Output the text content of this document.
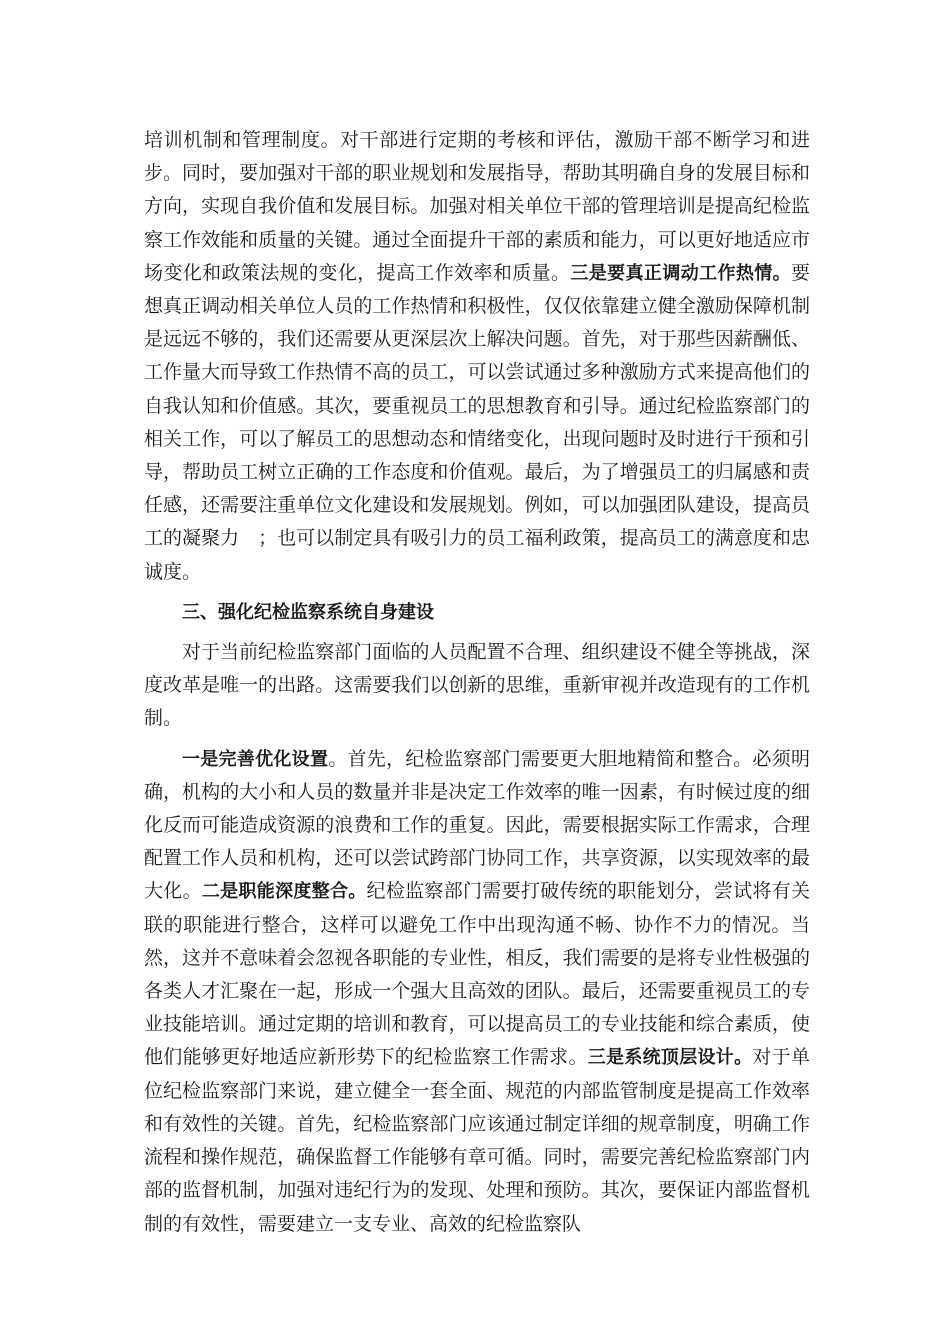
培训机制和管理制度。对干部进行定期的考核和评估，激励干部不断学习和进步。同时，要加强对干部的职业规划和发展指导，帮助其明确自身的发展目标和方向，实现自我价值和发展目标。加强对相关单位干部的管理培训是提高纪检监察工作效能和质量的关键。通过全面提升干部的素质和能力，可以更好地适应市场变化和政策法规的变化，提高工作效率和质量。三是要真正调动工作热情。要想真正调动相关单位人员的工作热情和积极性，仅仅依靠建立健全激励保障机制是远远不够的，我们还需要从更深层次上解决问题。首先，对于那些因薪酬低、工作量大而导致工作热情不高的员工，可以尝试通过多种激励方式来提高他们的自我认知和价值感。其次，要重视员工的思想教育和引导。通过纪检监察部门的相关工作，可以了解员工的思想动态和情绪变化，出现问题时及时进行干预和引导，帮助员工树立正确的工作态度和价值观。最后，为了增强员工的归属感和责任感，还需要注重单位文化建设和发展规划。例如，可以加强团队建设，提高员工的凝聚力　；也可以制定具有吸引力的员工福利政策，提高员工的满意度和忠诚度。

三、强化纪检监察系统自身建设

对于当前纪检监察部门面临的人员配置不合理、组织建设不健全等挑战，深度改革是唯一的出路。这需要我们以创新的思维，重新审视并改造现有的工作机制。

一是完善优化设置。首先，纪检监察部门需要更大胆地精简和整合。必须明确，机构的大小和人员的数量并非是决定工作效率的唯一因素，有时候过度的细化反而可能造成资源的浪费和工作的重复。因此，需要根据实际工作需求，合理配置工作人员和机构，还可以尝试跨部门协同工作，共享资源，以实现效率的最大化。二是职能深度整合。纪检监察部门需要打破传统的职能划分，尝试将有关联的职能进行整合，这样可以避免工作中出现沟通不畅、协作不力的情况。当然，这并不意味着会忽视各职能的专业性，相反，我们需要的是将专业性极强的各类人才汇聚在一起，形成一个强大且高效的团队。最后，还需要重视员工的专业技能培训。通过定期的培训和教育，可以提高员工的专业技能和综合素质，使他们能够更好地适应新形势下的纪检监察工作需求。三是系统顶层设计。对于单位纪检监察部门来说，建立健全一套全面、规范的内部监管制度是提高工作效率和有效性的关键。首先，纪检监察部门应该通过制定详细的规章制度，明确工作流程和操作规范，确保监督工作能够有章可循。同时，需要完善纪检监察部门内部的监督机制，加强对违纪行为的发现、处理和预防。其次，要保证内部监督机制的有效性，需要建立一支专业、高效的纪检监察队
